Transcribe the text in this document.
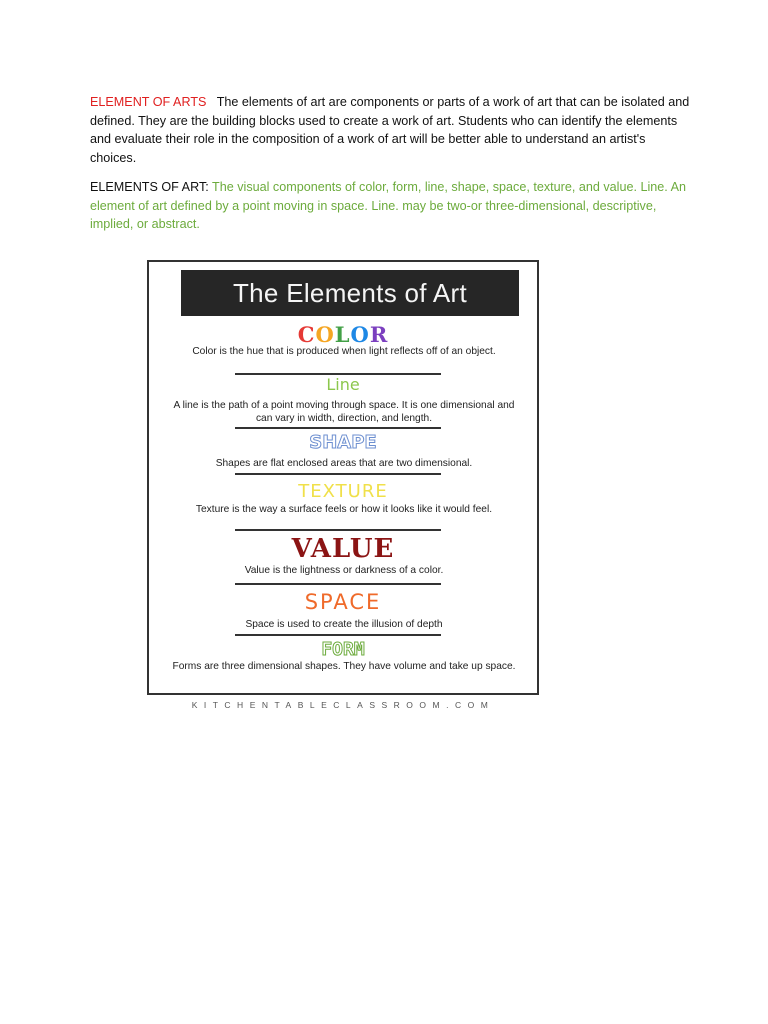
ELEMENT OF ARTS The elements of art are components or parts of a work of art that can be isolated and defined. They are the building blocks used to create a work of art. Students who can identify the elements and evaluate their role in the composition of a work of art will be better able to understand an artist's choices.

ELEMENTS OF ART: The visual components of color, form, line, shape, space, texture, and value. Line. An element of art defined by a point moving in space. Line. may be two-or three-dimensional, descriptive, implied, or abstract.

The Elements of Art
COLOR

Color is the hue that is produced when light reflects off of an object.

Line

A line is the path of a point moving through space. It is one dimensional and can vary in width, direction, and length.

SHAPE

Shapes are flat enclosed areas that are two dimensional.

TEXTURE

Texture is the way a surface feels or how it looks like it would feel.

VALUE

Value is the lightness or darkness of a color.

SPACE

Space is used to create the illusion of depth

FORM

Forms are three dimensional shapes. They have volume and take up space.

KITCHENTABLECLASSROOM.COM
